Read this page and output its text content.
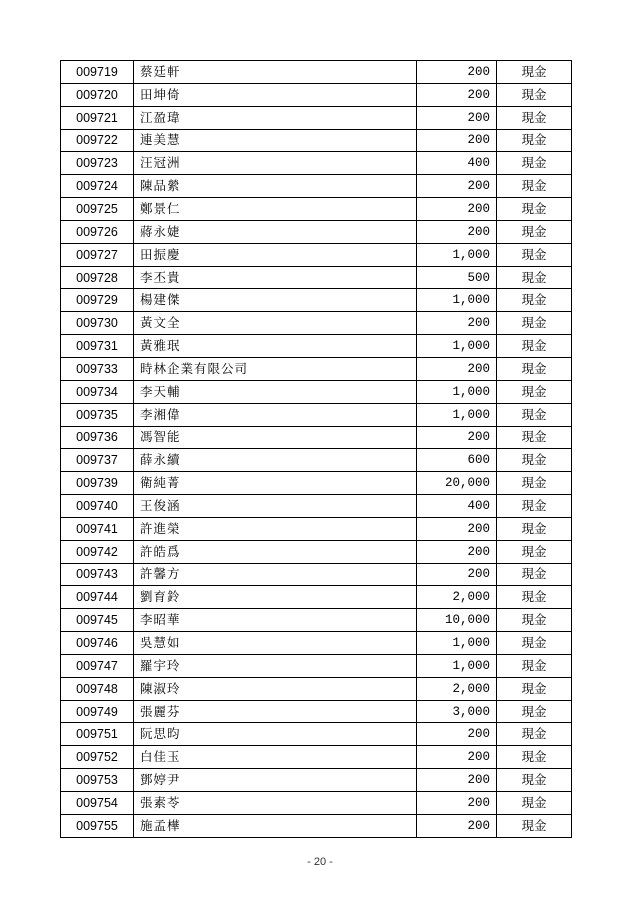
009719	蔡廷軒	200	現金
009720	田坤倚	200	現金
009721	江盈瑋	200	現金
009722	連美慧	200	現金
009723	汪冠洲	400	現金
009724	陳品縈	200	現金
009725	鄭景仁	200	現金
009726	蔣永婕	200	現金
009727	田振慶	1,000	現金
009728	李丕貴	500	現金
009729	楊建傑	1,000	現金
009730	黃文全	200	現金
009731	黃雅珉	1,000	現金
009733	時林企業有限公司	200	現金
009734	李天輔	1,000	現金
009735	李湘偉	1,000	現金
009736	馮智能	200	現金
009737	薛永續	600	現金
009739	衛純菁	20,000	現金
009740	王俊涵	400	現金
009741	許進榮	200	現金
009742	許皓爲	200	現金
009743	許馨方	200	現金
009744	劉育鈴	2,000	現金
009745	李昭華	10,000	現金
009746	吳慧如	1,000	現金
009747	羅宇玲	1,000	現金
009748	陳淑玲	2,000	現金
009749	張麗芬	3,000	現金
009751	阮思昀	200	現金
009752	白佳玉	200	現金
009753	鄧婷尹	200	現金
009754	張素苓	200	現金
009755	施孟樺	200	現金
- 20 -
